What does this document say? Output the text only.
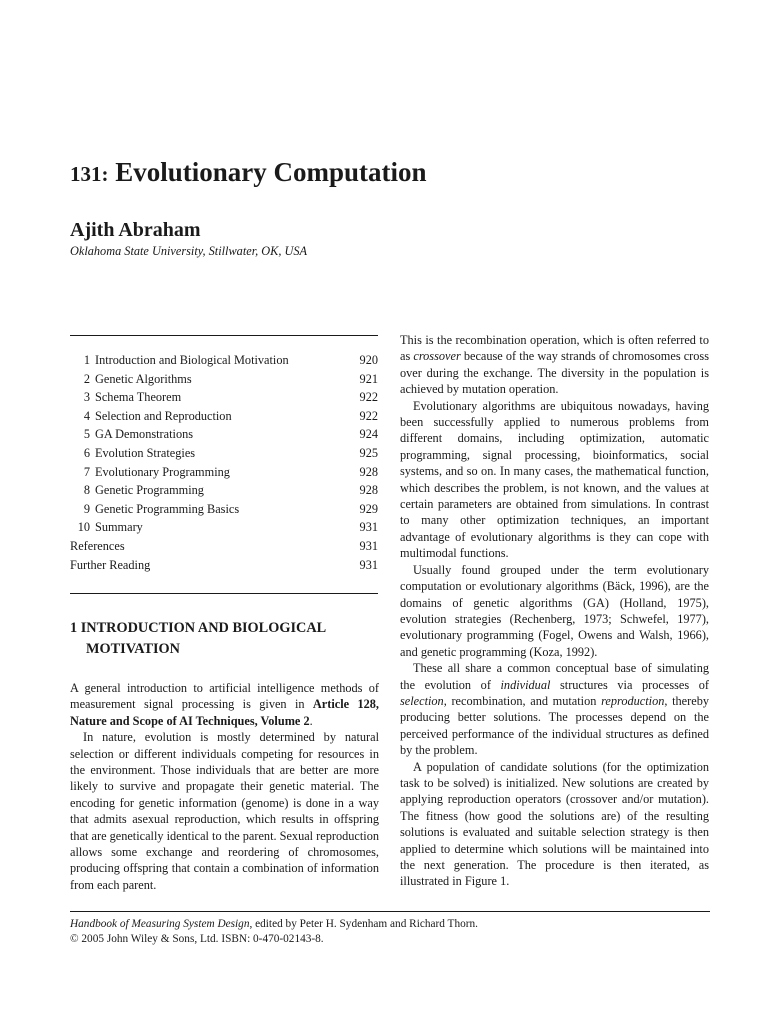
131: Evolutionary Computation
Ajith Abraham
Oklahoma State University, Stillwater, OK, USA
1 Introduction and Biological Motivation	920
2 Genetic Algorithms	921
3 Schema Theorem	922
4 Selection and Reproduction	922
5 GA Demonstrations	924
6 Evolution Strategies	925
7 Evolutionary Programming	928
8 Genetic Programming	928
9 Genetic Programming Basics	929
10 Summary	931
References	931
Further Reading	931
1 INTRODUCTION AND BIOLOGICAL
MOTIVATION

A general introduction to artificial intelligence methods of measurement signal processing is given in Article 128, Nature and Scope of AI Techniques, Volume 2.

In nature, evolution is mostly determined by natural selection or different individuals competing for resources in the environment. Those individuals that are better are more likely to survive and propagate their genetic material. The encoding for genetic information (genome) is done in a way that admits asexual reproduction, which results in offspring that are genetically identical to the parent. Sexual reproduction allows some exchange and reordering of chromosomes, producing offspring that contain a combination of information from each parent.

This is the recombination operation, which is often referred to as crossover because of the way strands of chromosomes cross over during the exchange. The diversity in the population is achieved by mutation operation.

Evolutionary algorithms are ubiquitous nowadays, having been successfully applied to numerous problems from different domains, including optimization, automatic programming, signal processing, bioinformatics, social systems, and so on. In many cases, the mathematical function, which describes the problem, is not known, and the values at certain parameters are obtained from simulations. In contrast to many other optimization techniques, an important advantage of evolutionary algorithms is they can cope with multimodal functions.

Usually found grouped under the term evolutionary computation or evolutionary algorithms (Bäck, 1996), are the domains of genetic algorithms (GA) (Holland, 1975), evolution strategies (Rechenberg, 1973; Schwefel, 1977), evolutionary programming (Fogel, Owens and Walsh, 1966), and genetic programming (Koza, 1992).

These all share a common conceptual base of simulating the evolution of individual structures via processes of selection, recombination, and mutation reproduction, thereby producing better solutions. The processes depend on the perceived performance of the individual structures as defined by the problem.

A population of candidate solutions (for the optimization task to be solved) is initialized. New solutions are created by applying reproduction operators (crossover and/or mutation). The fitness (how good the solutions are) of the resulting solutions is evaluated and suitable selection strategy is then applied to determine which solutions will be maintained into the next generation. The procedure is then iterated, as illustrated in Figure 1.

Handbook of Measuring System Design, edited by Peter H. Sydenham and Richard Thorn.
© 2005 John Wiley & Sons, Ltd. ISBN: 0-470-02143-8.
